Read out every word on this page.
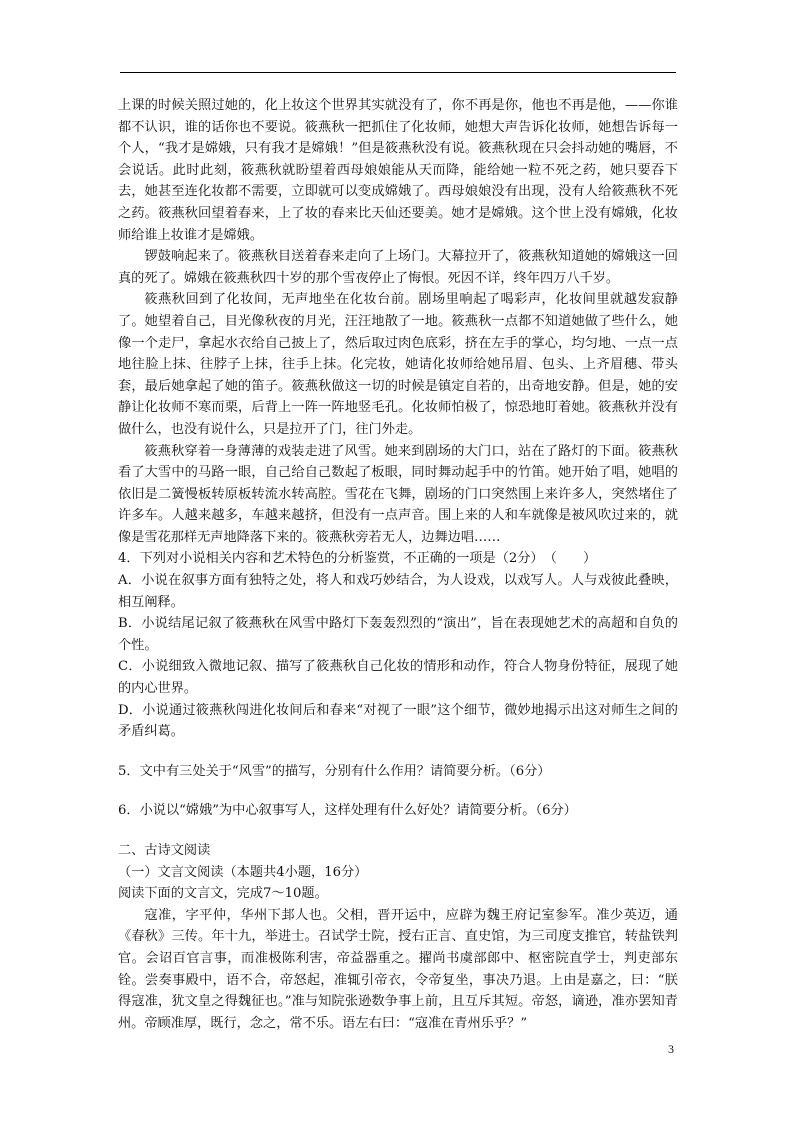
上课的时候关照过她的，化上妆这个世界其实就没有了，你不再是你，他也不再是他，——你谁都不认识，谁的话你也不要说。筱燕秋一把抓住了化妆师，她想大声告诉化妆师，她想告诉每一个人，“我才是嫦娥，只有我才是嫦娥！”但是筱燕秋没有说。筱燕秋现在只会抖动她的嘴唇，不会说话。此时此刻，筱燕秋就盼望着西母娘娘能从天而降，能给她一粒不死之药，她只要吞下去，她甚至连化妆都不需要，立即就可以变成嫦娥了。西母娘娘没有出现，没有人给筱燕秋不死之药。筱燕秋回望着春来，上了妆的春来比天仙还要美。她才是嫦娥。这个世上没有嫦娥，化妆师给谁上妆谁才是嫦娥。

锣鼓响起来了。筱燕秋目送着春来走向了上场门。大幕拉开了，筱燕秋知道她的嫦娥这一回真的死了。嫦娥在筱燕秋四十岁的那个雪夜停止了悔恨。死因不详，终年四万八千岁。

筱燕秋回到了化妆间，无声地坐在化妆台前。剧场里响起了喝彩声，化妆间里就越发寂静了。她望着自己，目光像秋夜的月光，汪汪地散了一地。筱燕秋一点都不知道她做了些什么，她像一个走尸，拿起水衣给自己披上了，然后取过肉色底彩，挤在左手的掌心，均匀地、一点一点地往脸上抹、往脖子上抹，往手上抹。化完妆，她请化妆师给她吊眉、包头、上齐眉穗、带头套，最后她拿起了她的笛子。筱燕秋做这一切的时候是镇定自若的，出奇地安静。但是，她的安静让化妆师不寒而栗，后背上一阵一阵地竖毛孔。化妆师怕极了，惊恐地盯着她。筱燕秋并没有做什么，也没有说什么，只是拉开了门，往门外走。

筱燕秋穿着一身薄薄的戏装走进了风雪。她来到剧场的大门口，站在了路灯的下面。筱燕秋看了大雪中的马路一眼，自己给自己数起了板眼，同时舞动起手中的竹笛。她开始了唱，她唱的依旧是二簧慢板转原板转流水转高腔。雪花在飞舞，剧场的门口突然围上来许多人，突然堵住了许多车。人越来越多，车越来越挤，但没有一点声音。围上来的人和车就像是被风吹过来的，就像是雪花那样无声地降落下来的。筱燕秋旁若无人，边舞边唱……

4．下列对小说相关内容和艺术特色的分析鉴赏，不正确的一项是（2分）　（　　）

A．小说在叙事方面有独特之处，将人和戏巧妙结合，为人设戏，以戏写人。人与戏彼此叠映，相互阐释。

B．小说结尾记叙了筱燕秋在风雪中路灯下轰轰烈烈的“演出”，旨在表现她艺术的高超和自负的个性。

C．小说细致入微地记叙、描写了筱燕秋自己化妆的情形和动作，符合人物身份特征，展现了她的内心世界。

D．小说通过筱燕秋闯进化妆间后和春来“对视了一眼”这个细节，微妙地揭示出这对师生之间的矛盾纠葛。

5．文中有三处关于“风雪”的描写，分别有什么作用？请简要分析。（6分）

6．小说以“嫦娥”为中心叙事写人，这样处理有什么好处？请简要分析。（6分）

二、古诗文阅读

（一）文言文阅读（本题共4小题，16分）

阅读下面的文言文，完成7～10题。

寇准，字平仲，华州下邽人也。父相，晋开运中，应辟为魏王府记室参军。准少英迈，通《春秋》三传。年十九，举进士。召试学士院，授右正言、直史馆，为三司度支推官，转盐铁判官。会诏百官言事，而准极陈利害，帝益器重之。擢尚书虞部郎中、枢密院直学士，判吏部东铨。尝奏事殿中，语不合，帝怒起，准辄引帝衣，令帝复坐，事决乃退。上由是嘉之，曰：“朕得寇准，犹文皇之得魏征也。”准与知院张逊数争事上前，且互斥其短。帝怒，谪逊，准亦罢知青州。帝顾准厚，既行，念之，常不乐。语左右曰：“寇准在青州乐乎？”

3
